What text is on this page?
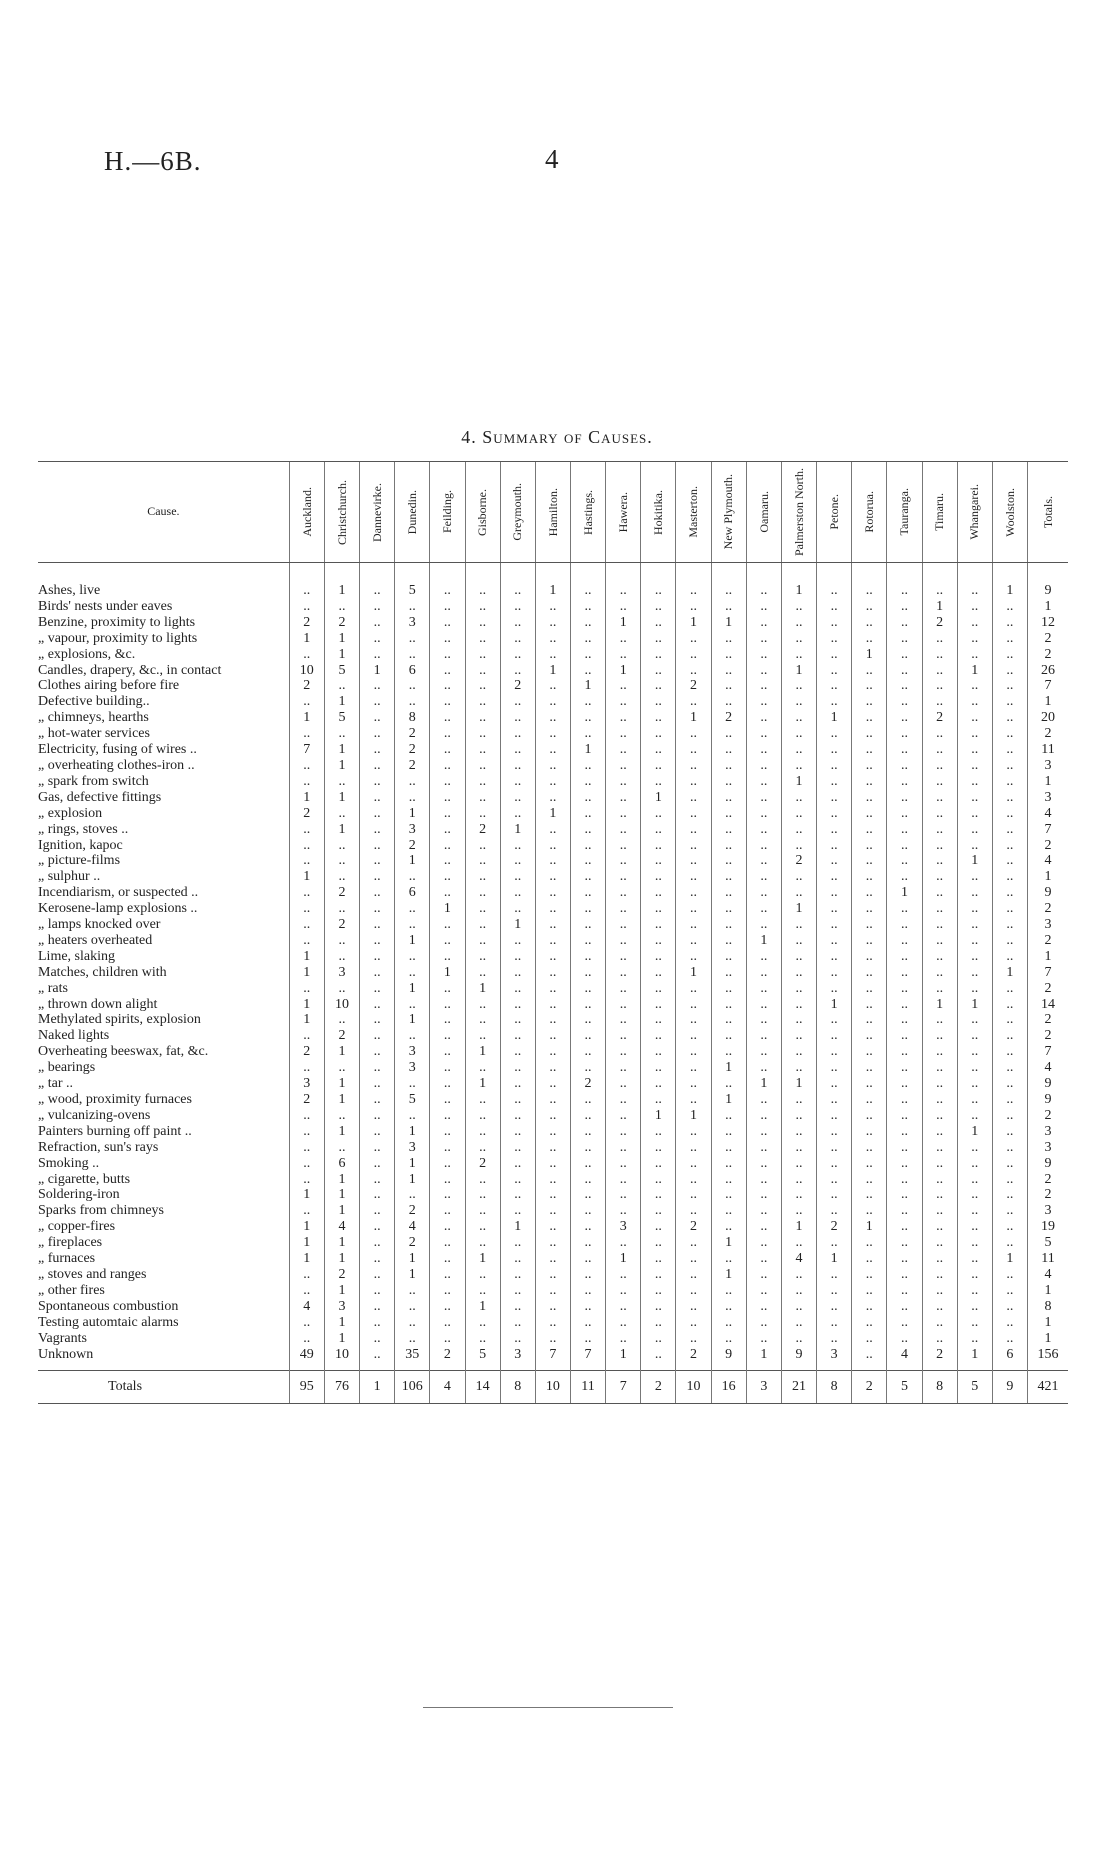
H.—6B.	4
4. Summary of Causes.
Cause.	Auckland.	Christchurch.	Dannevirke.	Dunedin.	Feilding.	Gisborne.	Greymouth.	Hamilton.	Hastings.	Hawera.	Hokitika.	Masterton.	New Plymouth.	Oamaru.	Palmerston North.	Petone.	Rotorua.	Tauranga.	Timaru.	Whangarei.	Woolston.	Totals.

Ashes, live	..	1	..	5	..	..	..	1	..	..	..	..	..	..	1	..	..	..	..	..	1	9
Birds' nests under eaves	..	..	..	..	..	..	..	..	..	..	..	..	..	..	..	..	..	..	1	..	..	1
Benzine, proximity to lights	2	2	..	3	..	..	..	..	..	1	..	1	1	..	..	..	..	..	2	..	..	12
„ vapour, proximity to lights	1	1	..	..	..	..	..	..	..	..	..	..	..	..	..	..	..	..	..	..	..	2
„ explosions, &c.	..	1	..	..	..	..	..	..	..	..	..	..	..	..	..	..	1	..	..	..	..	2
Candles, drapery, &c., in contact	10	5	1	6	..	..	..	1	..	1	..	..	..	..	1	..	..	..	..	1	..	26
Clothes airing before fire	2	..	..	..	..	..	2	..	1	..	..	2	..	..	..	..	..	..	..	..	..	7
Defective building..	..	1	..	..	..	..	..	..	..	..	..	..	..	..	..	..	..	..	..	..	..	1
„ chimneys, hearths	1	5	..	8	..	..	..	..	..	..	..	1	2	..	..	1	..	..	2	..	..	20
„ hot-water services	..	..	..	2	..	..	..	..	..	..	..	..	..	..	..	..	..	..	..	..	..	2
Electricity, fusing of wires ..	7	1	..	2	..	..	..	..	1	..	..	..	..	..	..	..	..	..	..	..	..	11
„ overheating clothes-iron ..	..	1	..	2	..	..	..	..	..	..	..	..	..	..	..	..	..	..	..	..	..	3
„ spark from switch	..	..	..	..	..	..	..	..	..	..	..	..	..	..	1	..	..	..	..	..	..	1
Gas, defective fittings	1	1	..	..	..	..	..	..	..	..	1	..	..	..	..	..	..	..	..	..	..	3
„ explosion	2	..	..	1	..	..	..	1	..	..	..	..	..	..	..	..	..	..	..	..	..	4
„ rings, stoves ..	..	1	..	3	..	2	1	..	..	..	..	..	..	..	..	..	..	..	..	..	..	7
Ignition, kapoc	..	..	..	2	..	..	..	..	..	..	..	..	..	..	..	..	..	..	..	..	..	2
„ picture-films	..	..	..	1	..	..	..	..	..	..	..	..	..	..	2	..	..	..	..	1	..	4
„ sulphur ..	1	..	..	..	..	..	..	..	..	..	..	..	..	..	..	..	..	..	..	..	..	1
Incendiarism, or suspected ..	..	2	..	6	..	..	..	..	..	..	..	..	..	..	..	..	..	1	..	..	..	9
Kerosene-lamp explosions ..	..	..	..	..	1	..	..	..	..	..	..	..	..	..	1	..	..	..	..	..	..	2
„ lamps knocked over	..	2	..	..	..	..	1	..	..	..	..	..	..	..	..	..	..	..	..	..	..	3
„ heaters overheated	..	..	..	1	..	..	..	..	..	..	..	..	..	1	..	..	..	..	..	..	..	2
Lime, slaking	1	..	..	..	..	..	..	..	..	..	..	..	..	..	..	..	..	..	..	..	..	1
Matches, children with	1	3	..	..	1	..	..	..	..	..	..	1	..	..	..	..	..	..	..	..	1	7
„ rats	..	..	..	1	..	1	..	..	..	..	..	..	..	..	..	..	..	..	..	..	..	2
„ thrown down alight	1	10	..	..	..	..	..	..	..	..	..	..	..	..	..	1	..	..	1	1	..	14
Methylated spirits, explosion	1	..	..	1	..	..	..	..	..	..	..	..	..	..	..	..	..	..	..	..	..	2
Naked lights	..	2	..	..	..	..	..	..	..	..	..	..	..	..	..	..	..	..	..	..	..	2
Overheating beeswax, fat, &c.	2	1	..	3	..	1	..	..	..	..	..	..	..	..	..	..	..	..	..	..	..	7
„ bearings	..	..	..	3	..	..	..	..	..	..	..	..	1	..	..	..	..	..	..	..	..	4
„ tar ..	3	1	..	..	..	1	..	..	2	..	..	..	..	1	1	..	..	..	..	..	..	9
„ wood, proximity furnaces	2	1	..	5	..	..	..	..	..	..	..	..	1	..	..	..	..	..	..	..	..	9
„ vulcanizing-ovens	..	..	..	..	..	..	..	..	..	..	1	1	..	..	..	..	..	..	..	..	..	2
Painters burning off paint ..	..	1	..	1	..	..	..	..	..	..	..	..	..	..	..	..	..	..	..	1	..	3
Refraction, sun's rays	..	..	..	3	..	..	..	..	..	..	..	..	..	..	..	..	..	..	..	..	..	3
Smoking ..	..	6	..	1	..	2	..	..	..	..	..	..	..	..	..	..	..	..	..	..	..	9
„ cigarette, butts	..	1	..	1	..	..	..	..	..	..	..	..	..	..	..	..	..	..	..	..	..	2
Soldering-iron	1	1	..	..	..	..	..	..	..	..	..	..	..	..	..	..	..	..	..	..	..	2
Sparks from chimneys	..	1	..	2	..	..	..	..	..	..	..	..	..	..	..	..	..	..	..	..	..	3
„ copper-fires	1	4	..	4	..	..	1	..	..	3	..	2	..	..	1	2	1	..	..	..	..	19
„ fireplaces	1	1	..	2	..	..	..	..	..	..	..	..	1	..	..	..	..	..	..	..	..	5
„ furnaces	1	1	..	1	..	1	..	..	..	1	..	..	..	..	4	1	..	..	..	..	1	11
„ stoves and ranges	..	2	..	1	..	..	..	..	..	..	..	..	1	..	..	..	..	..	..	..	..	4
„ other fires	..	1	..	..	..	..	..	..	..	..	..	..	..	..	..	..	..	..	..	..	..	1
Spontaneous combustion	4	3	..	..	..	1	..	..	..	..	..	..	..	..	..	..	..	..	..	..	..	8
Testing automtaic alarms	..	1	..	..	..	..	..	..	..	..	..	..	..	..	..	..	..	..	..	..	..	1
Vagrants	..	1	..	..	..	..	..	..	..	..	..	..	..	..	..	..	..	..	..	..	..	1
Unknown	49	10	..	35	2	5	3	7	7	1	..	2	9	1	9	3	..	4	2	1	6	156
Totals	95	76	1	106	4	14	8	10	11	7	2	10	16	3	21	8	2	5	8	5	9	421
